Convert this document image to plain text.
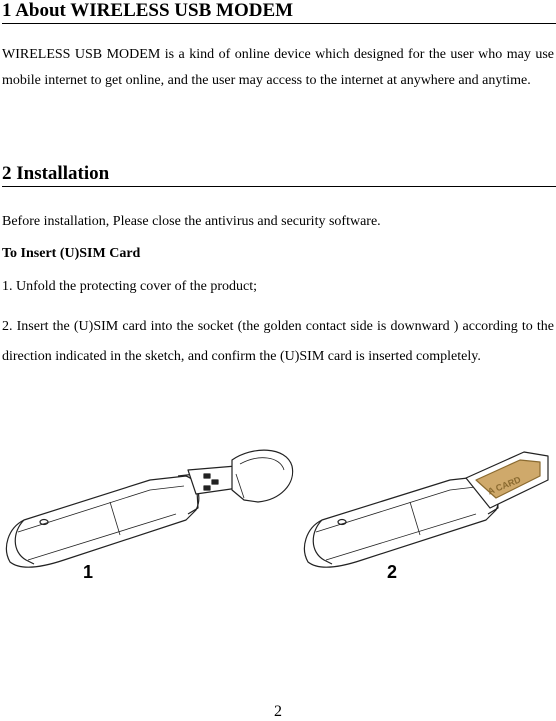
1 About WIRELESS USB MODEM
WIRELESS USB MODEM is a kind of online device which designed for the user who may use mobile internet to get online, and the user may access to the internet at anywhere and anytime.
2 Installation
Before installation, Please close the antivirus and security software.
To Insert (U)SIM Card
1. Unfold the protecting cover of the product;
2. Insert the (U)SIM card into the socket (the golden contact side is downward ) according to the direction indicated in the sketch, and confirm the (U)SIM card is inserted completely.
A CARD
1	2
2
